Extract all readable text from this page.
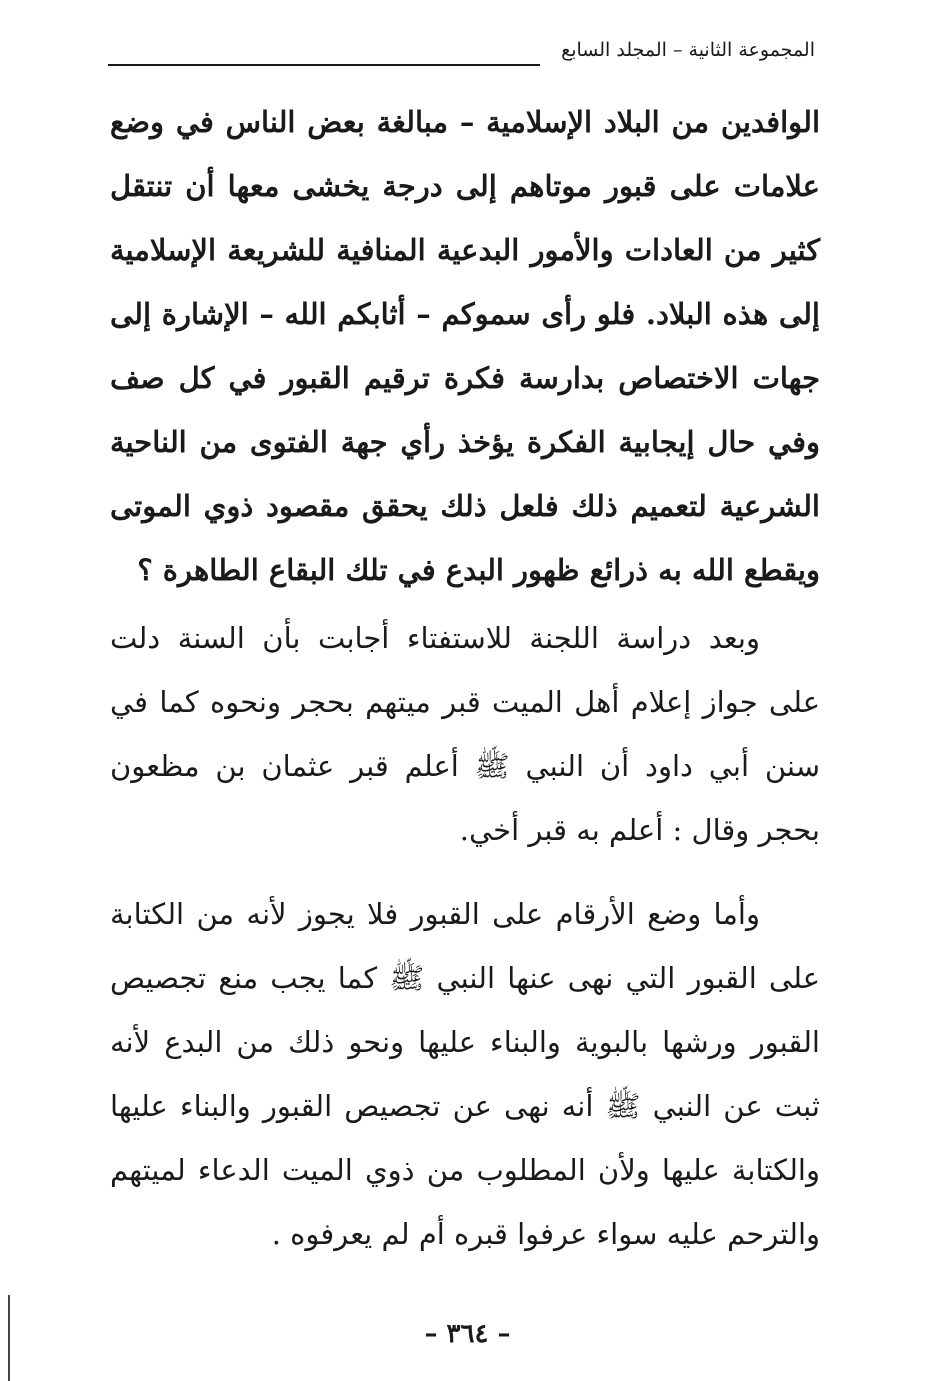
المجموعة الثانية – المجلد السابع

الوافدين من البلاد الإسلامية – مبالغة بعض الناس في وضع علامات على قبور موتاهم إلى درجة يخشى معها أن تنتقل كثير من العادات والأمور البدعية المنافية للشريعة الإسلامية إلى هذه البلاد. فلو رأى سموكم – أثابكم الله – الإشارة إلى جهات الاختصاص بدارسة فكرة ترقيم القبور في كل صف وفي حال إيجابية الفكرة يؤخذ رأي جهة الفتوى من الناحية الشرعية لتعميم ذلك فلعل ذلك يحقق مقصود ذوي الموتى ويقطع الله به ذرائع ظهور البدع في تلك البقاع الطاهرة ؟

وبعد دراسة اللجنة للاستفتاء أجابت بأن السنة دلت على جواز إعلام أهل الميت قبر ميتهم بحجر ونحوه كما في سنن أبي داود أن النبي ﷺ أعلم قبر عثمان بن مظعون بحجر وقال : أعلم به قبر أخي.

وأما وضع الأرقام على القبور فلا يجوز لأنه من الكتابة على القبور التي نهى عنها النبي ﷺ كما يجب منع تجصيص القبور ورشها بالبوية والبناء عليها ونحو ذلك من البدع لأنه ثبت عن النبي ﷺ أنه نهى عن تجصيص القبور والبناء عليها والكتابة عليها ولأن المطلوب من ذوي الميت الدعاء لميتهم والترحم عليه سواء عرفوا قبره أم لم يعرفوه .

– ٣٦٤ –
